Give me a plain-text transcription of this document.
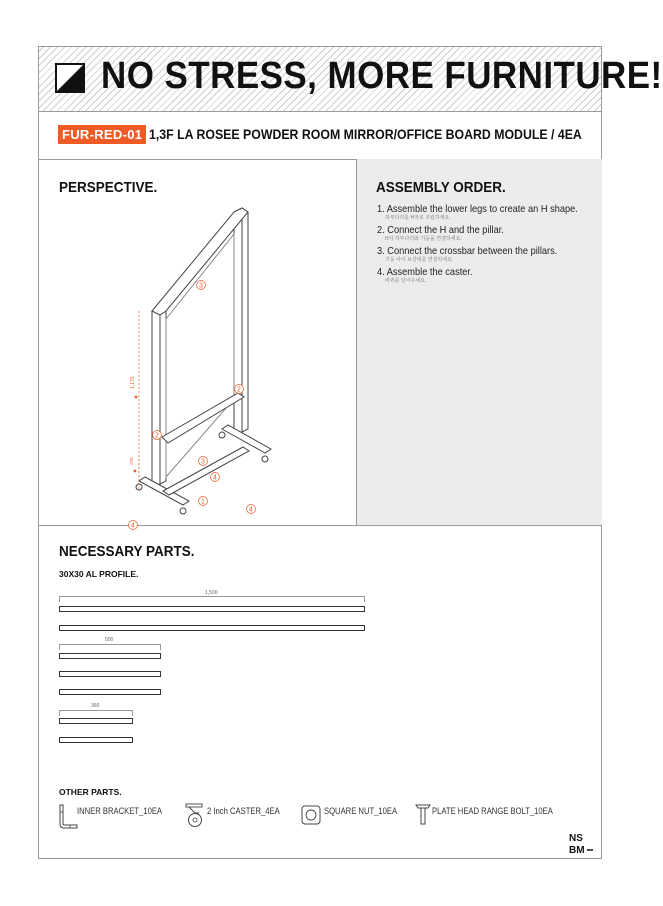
NO STRESS, MORE FURNITURE!
FUR-RED-01 1,3F LA ROSEE POWDER ROOM MIRROR/OFFICE BOARD MODULE / 4EA
PERSPECTIVE.
1,170
270
3
2
2
3
4
1
4
4
ASSEMBLY ORDER.
1. Assemble the lower legs to create an H shape.
하부다리를 H자로 조립하세요.
2. Connect the H and the pillar.
H자 하부다리와 기둥을 연결하세요.
3. Connect the crossbar between the pillars.
기둥 사이 보강대를 연결하세요.
4. Assemble the caster.
바퀴를 달아주세요.
NECESSARY PARTS.
30X30 AL PROFILE.
1,500
500
360
OTHER PARTS.
INNER BRACKET_10EA	2 Inch CASTER_4EA	SQUARE NUT_10EA	PLATE HEAD RANGE BOLT_10EA
NS
BM
